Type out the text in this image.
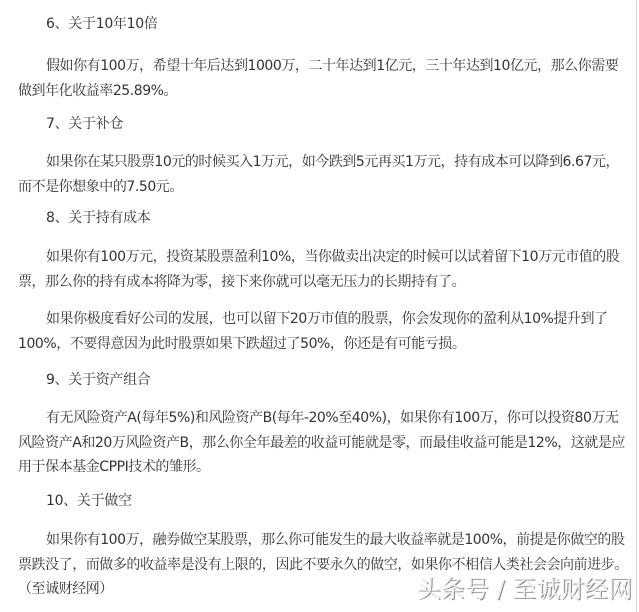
6、关于10年10倍
假如你有100万，希望十年后达到1000万，二十年达到1亿元，三十年达到10亿元，那么你需要做到年化收益率25.89%。
7、关于补仓
如果你在某只股票10元的时候买入1万元，如今跌到5元再买1万元，持有成本可以降到6.67元，而不是你想象中的7.50元。
8、关于持有成本
如果你有100万元，投资某股票盈利10%，当你做卖出决定的时候可以试着留下10万元市值的股票，那么你的持有成本将降为零，接下来你就可以毫无压力的长期持有了。
如果你极度看好公司的发展，也可以留下20万市值的股票，你会发现你的盈利从10%提升到了100%，不要得意因为此时股票如果下跌超过了50%，你还是有可能亏损。
9、关于资产组合
有无风险资产A(每年5%)和风险资产B(每年-20%至40%)，如果你有100万，你可以投资80万无风险资产A和20万风险资产B，那么你全年最差的收益可能就是零，而最佳收益可能是12%，这就是应用于保本基金CPPI技术的雏形。
10、关于做空
如果你有100万，融券做空某股票，那么你可能发生的最大收益率就是100%，前提是你做空的股票跌没了，而做多的收益率是没有上限的，因此不要永久的做空，如果你不相信人类社会会向前进步。（至诚财经网）	头条号 / 至诚财经网
